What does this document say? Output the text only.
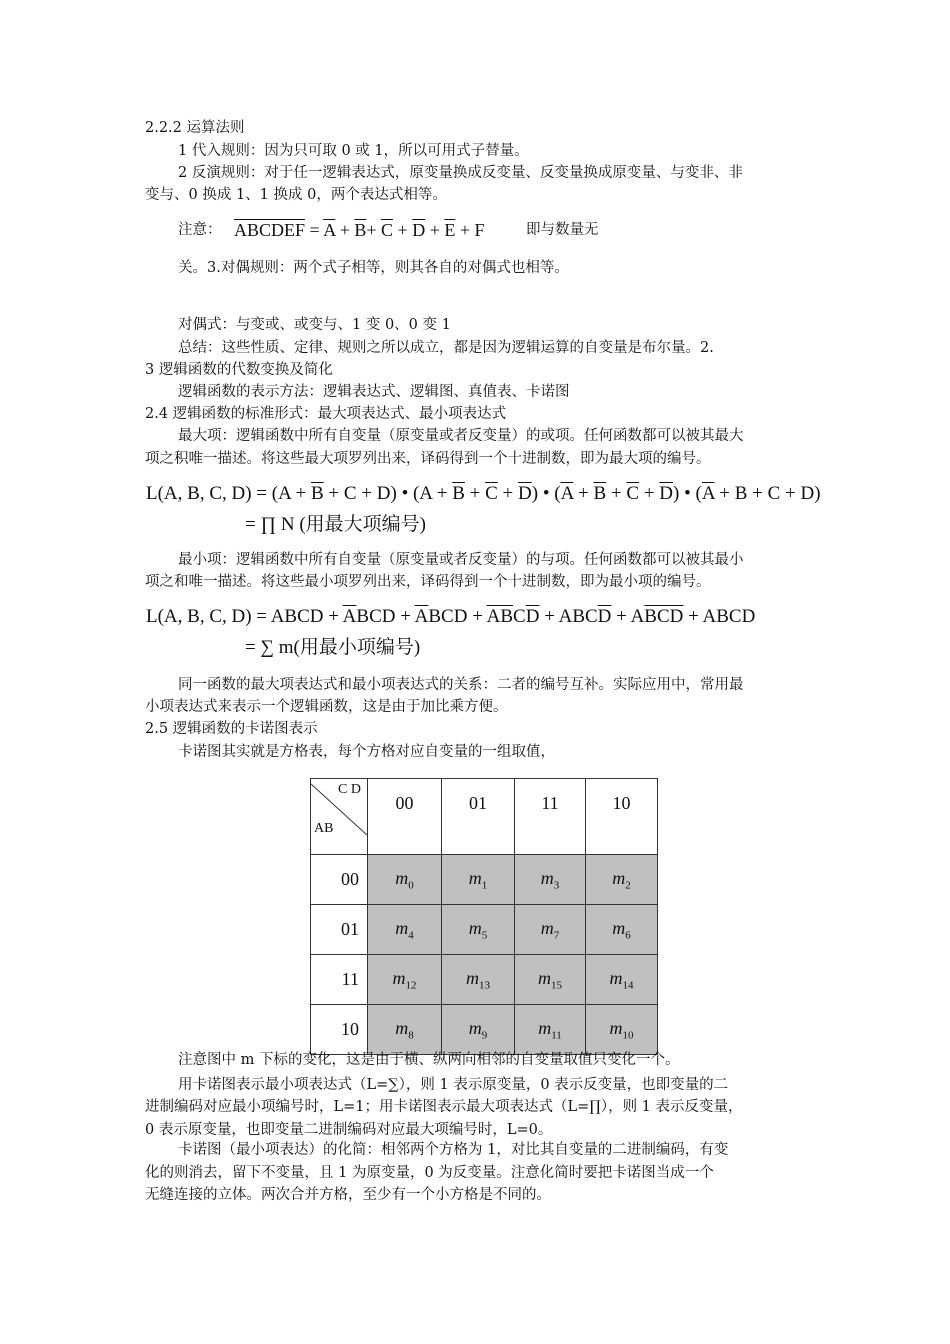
2.2.2 运算法则
1 代入规则：因为只可取 0 或 1，所以可用式子替量。
2 反演规则：对于任一逻辑表达式，原变量换成反变量、反变量换成原变量、与变非、非
变与、0 换成 1、1 换成 0，两个表达式相等。
注意： ABCDEF = $\overline{A} + \overline{B}+ \overline{C} + \overline{D} + \overline{E} + F$	即与数量无
关。3.对偶规则：两个式子相等，则其各自的对偶式也相等。
对偶式：与变或、或变与、1 变 0、0 变 1
总结：这些性质、定律、规则之所以成立，都是因为逻辑运算的自变量是布尔量。2.
3 逻辑函数的代数变换及简化
逻辑函数的表示方法：逻辑表达式、逻辑图、真值表、卡诺图
2.4 逻辑函数的标准形式：最大项表达式、最小项表达式
最大项：逻辑函数中所有自变量（原变量或者反变量）的或项。任何函数都可以被其最大
项之积唯一描述。将这些最大项罗列出来，译码得到一个十进制数，即为最大项的编号。
L(A, B, C, $D) = (A + \overline{B} + C + D)$ • $(A + \overline{B} + \overline{C} + \overline{D})$ • $(\overline{A} + \overline{B} + \overline{C} + \overline{D})$ • $(\overline{A} + B + C + D)$
= ∏ N (用最大项编号)
最小项：逻辑函数中所有自变量（原变量或者反变量）的与项。任何函数都可以被其最小
项之和唯一描述。将这些最小项罗列出来，译码得到一个十进制数，即为最小项的编号。
L(A, B, C, D) = ABCD + $\overline{A}BCD + \overline{A}BCD + \overline{AB}C\overline{D} + ABC\overline{D} + A\overline{BCD}$ + ABCD
= ∑ m(用最小项编号)
同一函数的最大项表达式和最小项表达式的关系：二者的编号互补。实际应用中，常用最
小项表达式来表示一个逻辑函数，这是由于加比乘方便。
2.5 逻辑函数的卡诺图表示
卡诺图其实就是方格表，每个方格对应自变量的一组取值，
C D
AB	00	01	11	10
00	$m_0$	$m_1$	$m_3$	$m_2$
01	$m_4$	$m_5$	$m_7$	$m_6$
11	$m_{12}$	$m_{13}$	$m_{15}$	$m_{14}$
10	$m_8$	$m_9$	$m_{11}$	$m_{10}$
注意图中 m 下标的变化，这是由于横、纵两向相邻的自变量取值只变化一个。
用卡诺图表示最小项表达式（L=∑），则 1 表示原变量，0 表示反变量，也即变量的二
进制编码对应最小项编号时，L=1；用卡诺图表示最大项表达式（L=∏），则 1 表示反变量，
0 表示原变量，也即变量二进制编码对应最大项编号时，L=0。
卡诺图（最小项表达）的化简：相邻两个方格为 1，对比其自变量的二进制编码，有变
化的则消去，留下不变量，且 1 为原变量，0 为反变量。注意化简时要把卡诺图当成一个
无缝连接的立体。两次合并方格，至少有一个小方格是不同的。
